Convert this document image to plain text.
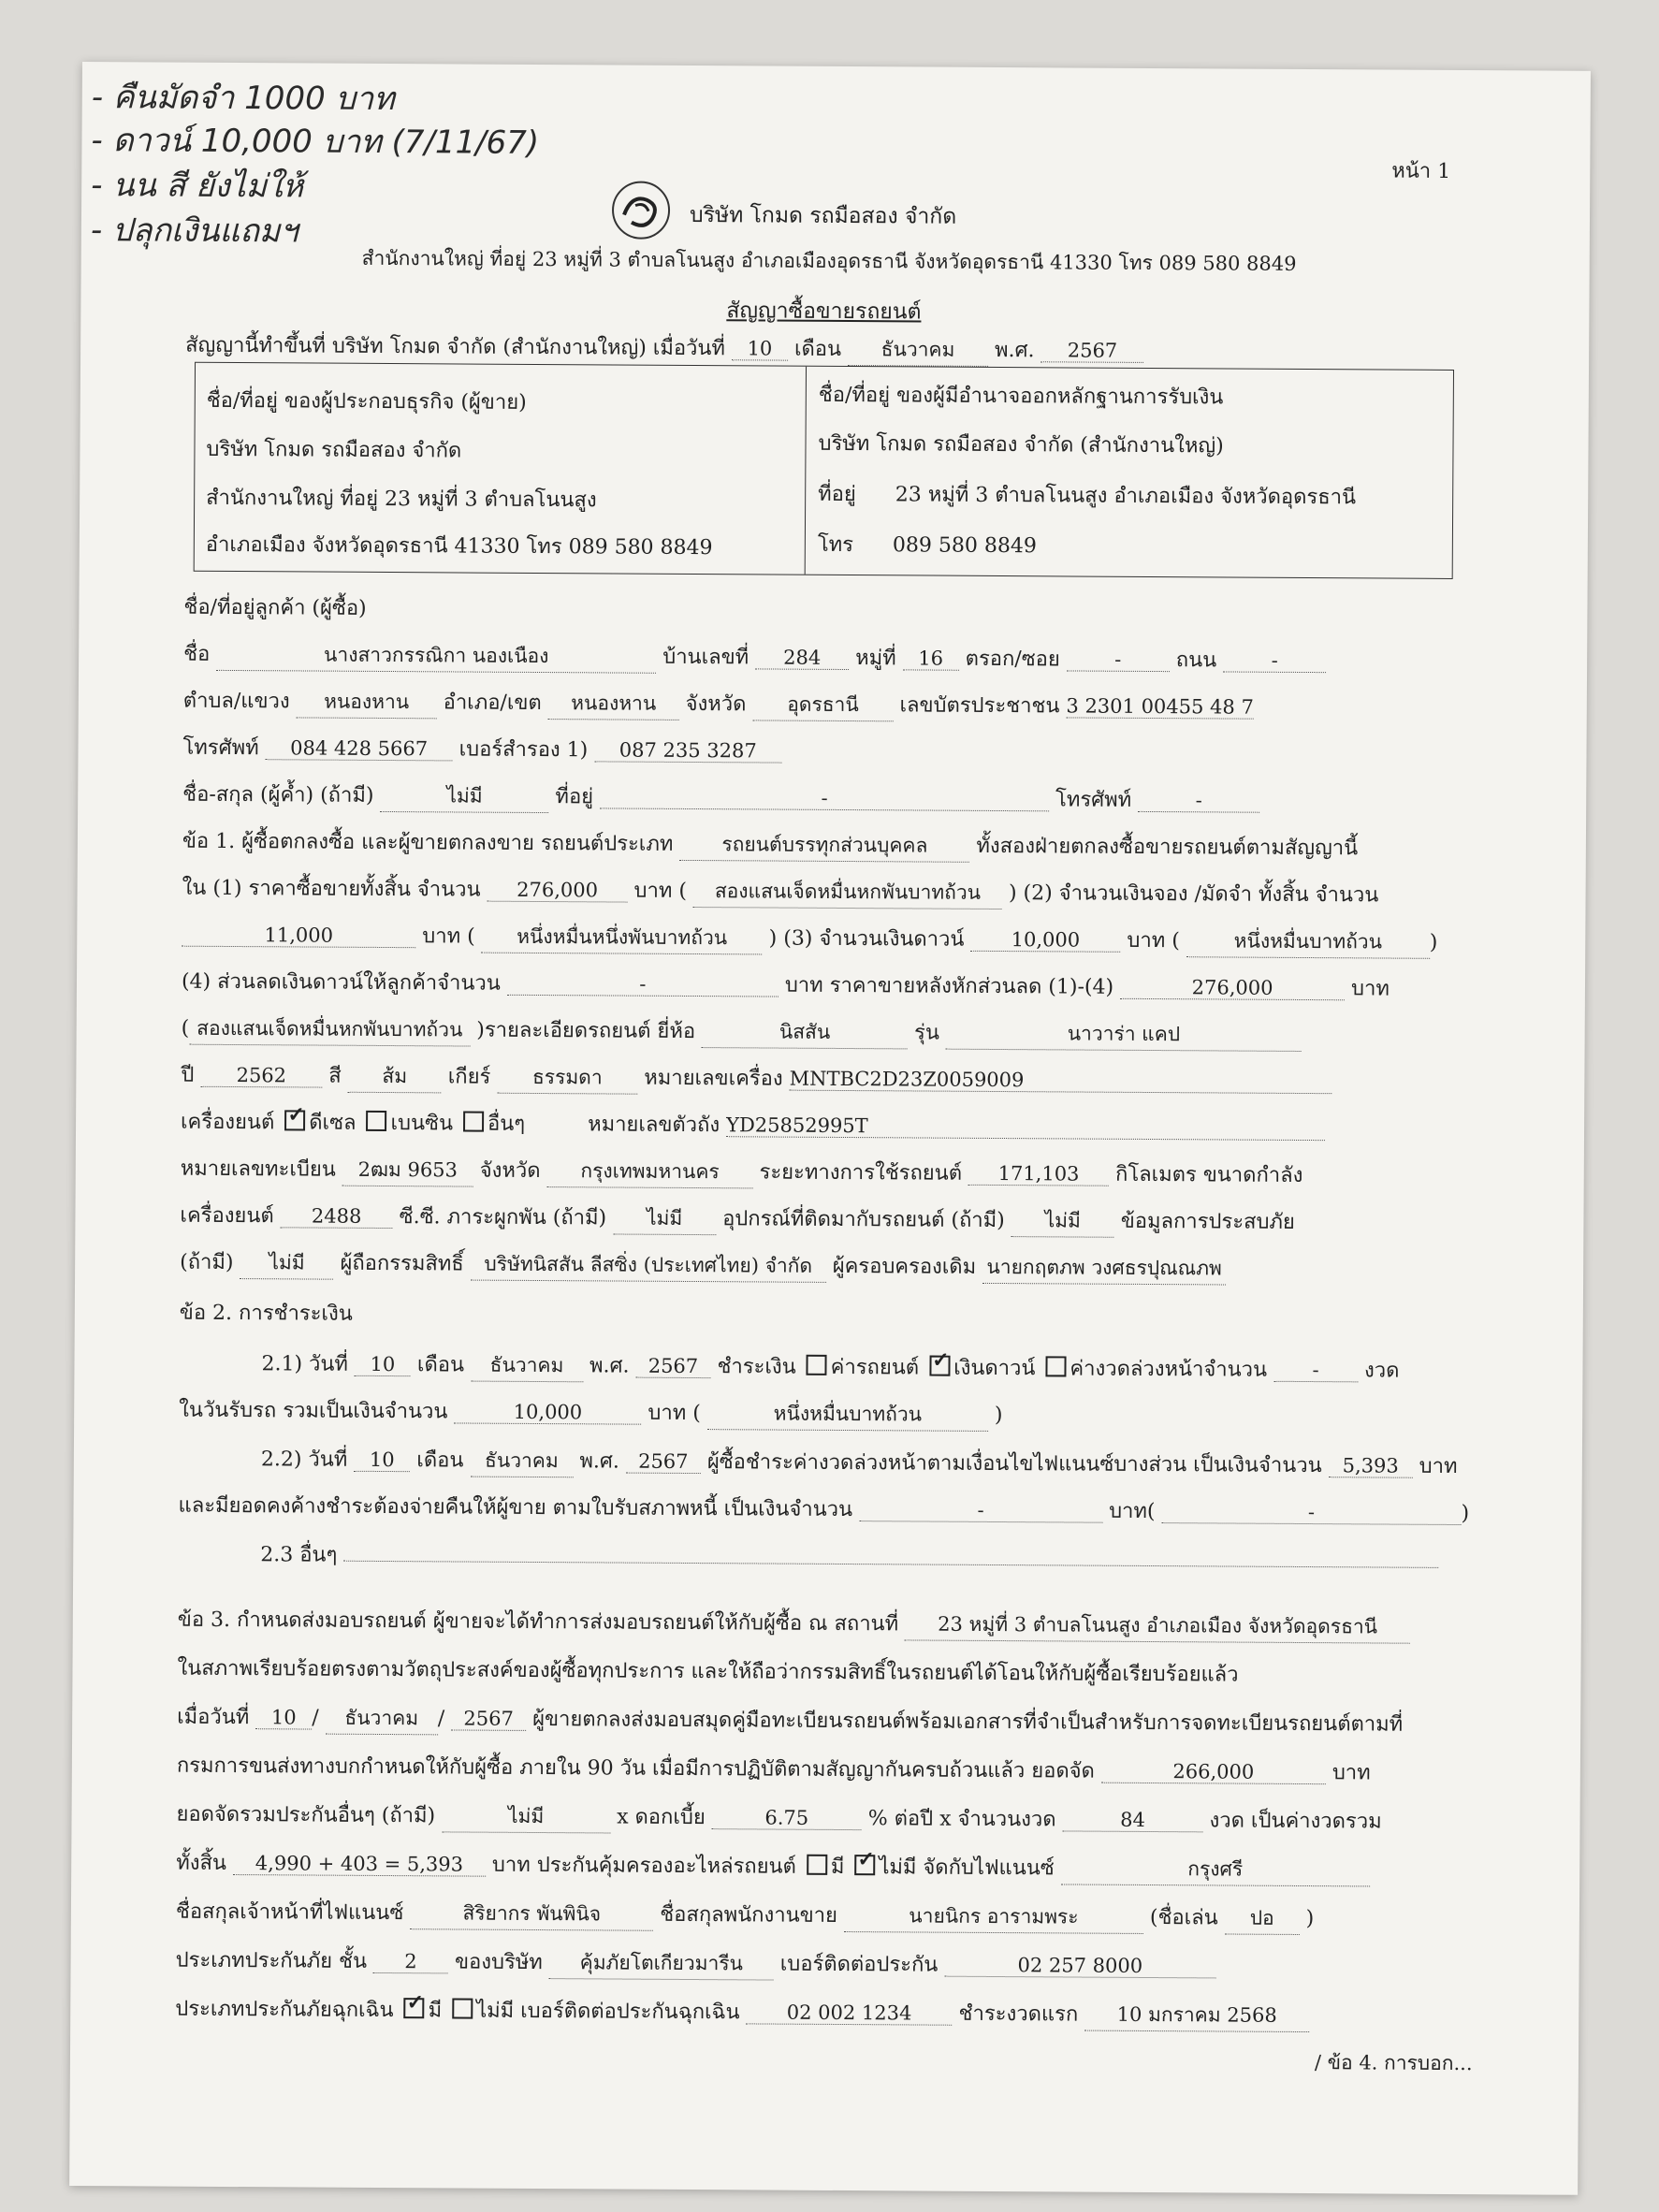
- คืนมัดจำ 1000 บาท
- ดาวน์ 10,000 บาท (7/11/67)
- นน สี ยังไม่ให้
- ปลุกเงินแถมฯ
หน้า 1
บริษัท โกมด รถมือสอง จำกัด
สำนักงานใหญ่ ที่อยู่ 23 หมู่ที่ 3 ตำบลโนนสูง อำเภอเมืองอุดรธานี จังหวัดอุดรธานี 41330 โทร 089 580 8849
สัญญาซื้อขายรถยนต์
สัญญานี้ทำขึ้นที่ บริษัท โกมด จำกัด (สำนักงานใหญ่) เมื่อวันที่ 10 เดือน ธันวาคม พ.ศ. 2567
ชื่อ/ที่อยู่ ของผู้ประกอบธุรกิจ (ผู้ขาย)
บริษัท โกมด รถมือสอง จำกัด
สำนักงานใหญ่ ที่อยู่ 23 หมู่ที่ 3 ตำบลโนนสูง
อำเภอเมือง จังหวัดอุดรธานี 41330 โทร 089 580 8849
ชื่อ/ที่อยู่ ของผู้มีอำนาจออกหลักฐานการรับเงิน
บริษัท โกมด รถมือสอง จำกัด (สำนักงานใหญ่)
ที่อยู่      23 หมู่ที่ 3 ตำบลโนนสูง อำเภอเมือง จังหวัดอุดรธานี
โทร      089 580 8849
ชื่อ/ที่อยู่ลูกค้า (ผู้ซื้อ)
ชื่อ	นางสาวกรรณิกา นองเนือง	บ้านเลขที่ 284 หมู่ที่ 16 ตรอก/ซอย	-	ถนน	-
ตำบล/แขวง หนองหาน อำเภอ/เขต หนองหาน จังหวัด อุดรธานี เลขบัตรประชาชน 3 2301 00455 48 7
โทรศัพท์ 084 428 5667 เบอร์สำรอง 1) 087 235 3287
ชื่อ-สกุล (ผู้ค้ำ) (ถ้ามี)	ไม่มี	ที่อยู่	-	โทรศัพท์	-
ข้อ 1. ผู้ซื้อตกลงซื้อ และผู้ขายตกลงขาย รถยนต์ประเภท รถยนต์บรรทุกส่วนบุคคล ทั้งสองฝ่ายตกลงซื้อขายรถยนต์ตามสัญญานี้
ใน (1) ราคาซื้อขายทั้งสิ้น จำนวน 276,000 บาท ( สองแสนเจ็ดหมื่นหกพันบาทถ้วน ) (2) จำนวนเงินจอง /มัดจำ ทั้งสิ้น จำนวน
11,000	บาท ( หนึ่งหมื่นหนึ่งพันบาทถ้วน ) (3) จำนวนเงินดาวน์ 10,000 บาท (	หนึ่งหมื่นบาทถ้วน )
(4) ส่วนลดเงินดาวน์ให้ลูกค้าจำนวน	-	บาท ราคาขายหลังหักส่วนลด (1)-(4)	276,000	บาท
( สองแสนเจ็ดหมื่นหกพันบาทถ้วน )รายละเอียดรถยนต์ ยี่ห้อ	นิสสัน	รุ่น	นาวาร่า แคป
ปี 2562 สี ส้ม เกียร์ ธรรมดา หมายเลขเครื่อง MNTBC2D23Z0059009
เครื่องยนต์ ✓ ดีเซล เบนซิน อื่นๆ	หมายเลขตัวถัง YD25852995T
หมายเลขทะเบียน 2ฒม 9653 จังหวัด กรุงเทพมหานคร ระยะทางการใช้รถยนต์ 171,103 กิโลเมตร ขนาดกำลัง
เครื่องยนต์ 2488 ซี.ซี. ภาระผูกพัน (ถ้ามี) ไม่มี อุปกรณ์ที่ติดมากับรถยนต์ (ถ้ามี) ไม่มี ข้อมูลการประสบภัย
(ถ้ามี) ไม่มี ผู้ถือกรรมสิทธิ์ บริษัทนิสสัน ลีสซิ่ง (ประเทศไทย) จำกัด ผู้ครอบครองเดิม นายกฤตภพ วงศธรปุณณภพ
ข้อ 2. การชำระเงิน
2.1) วันที่ 10 เดือน ธันวาคม พ.ศ. 2567 ชำระเงิน ค่ารถยนต์ ✓ เงินดาวน์ ค่างวดล่วงหน้าจำนวน - งวด
ในวันรับรถ รวมเป็นเงินจำนวน	10,000	บาท (	หนึ่งหมื่นบาทถ้วน	)
2.2) วันที่ 10 เดือน ธันวาคม พ.ศ. 2567 ผู้ซื้อชำระค่างวดล่วงหน้าตามเงื่อนไขไฟแนนซ์บางส่วน เป็นเงินจำนวน 5,393 บาท
และมียอดคงค้างชำระต้องจ่ายคืนให้ผู้ขาย ตามใบรับสภาพหนี้ เป็นเงินจำนวน	-	บาท(	-	)
2.3 อื่นๆ
ข้อ 3. กำหนดส่งมอบรถยนต์ ผู้ขายจะได้ทำการส่งมอบรถยนต์ให้กับผู้ซื้อ ณ สถานที่ 23 หมู่ที่ 3 ตำบลโนนสูง อำเภอเมือง จังหวัดอุดรธานี
ในสภาพเรียบร้อยตรงตามวัตถุประสงค์ของผู้ซื้อทุกประการ และให้ถือว่ากรรมสิทธิ์ในรถยนต์ได้โอนให้กับผู้ซื้อเรียบร้อยแล้ว
เมื่อวันที่ 10 / ธันวาคม / 2567 ผู้ขายตกลงส่งมอบสมุดคู่มือทะเบียนรถยนต์พร้อมเอกสารที่จำเป็นสำหรับการจดทะเบียนรถยนต์ตามที่
กรมการขนส่งทางบกกำหนดให้กับผู้ซื้อ ภายใน 90 วัน เมื่อมีการปฏิบัติตามสัญญากันครบถ้วนแล้ว ยอดจัด	266,000	บาท
ยอดจัดรวมประกันอื่นๆ (ถ้ามี)	ไม่มี	x ดอกเบี้ย	6.75	% ต่อปี x จำนวนงวด	84	งวด เป็นค่างวดรวม
ทั้งสิ้น 4,990 + 403 = 5,393 บาท ประกันคุ้มครองอะไหล่รถยนต์ มี ✓ ไม่มี จัดกับไฟแนนซ์	กรุงศรี
ชื่อสกุลเจ้าหน้าที่ไฟแนนซ์	สิริยากร พันพินิจ	ชื่อสกุลพนักงานขาย	นายนิกร อารามพระ	(ชื่อเล่น ปอ )
ประเภทประกันภัย ชั้น 2 ของบริษัท คุ้มภัยโตเกียวมารีน เบอร์ติดต่อประกัน	02 257 8000
ประเภทประกันภัยฉุกเฉิน ✓ มี ไม่มี เบอร์ติดต่อประกันฉุกเฉิน 02 002 1234 ชำระงวดแรก 10 มกราคม 2568
/ ข้อ 4. การบอก...
